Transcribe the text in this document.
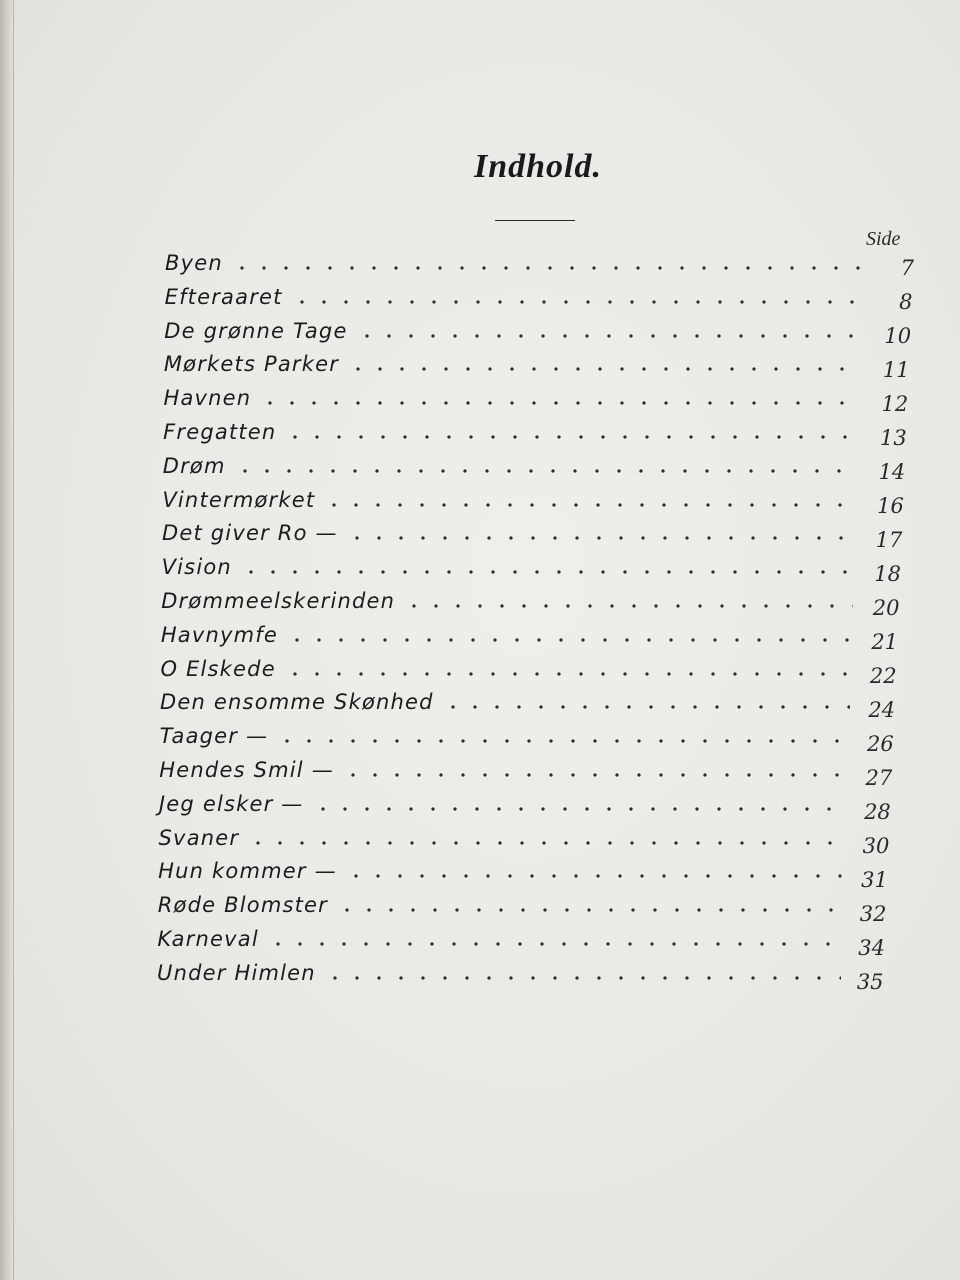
Indhold.
Side
Byen
Efteraaret
De grønne Tage
Mørkets Parker
Havnen
Fregatten
Drøm
Vintermørket
Det giver Ro —
Vision
Drømmeelskerinden
Havnymfe
O Elskede
Den ensomme Skønhed
Taager —
Hendes Smil —
Jeg elsker —
Svaner
Hun kommer —
Røde Blomster
Karneval
Under Himlen
7
8
10
11
12
13
14
16
17
18
20
21
22
24
26
27
28
30
31
32
34
35
